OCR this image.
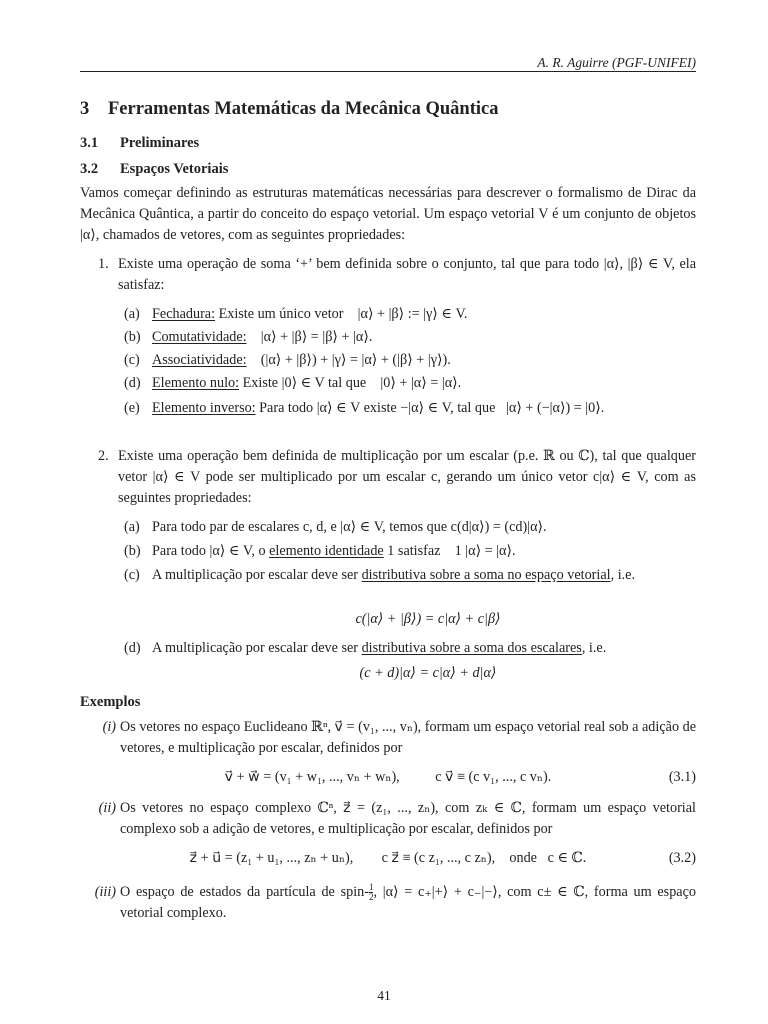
A. R. Aguirre (PGF-UNIFEI)
3 Ferramentas Matemáticas da Mecânica Quântica
3.1 Preliminares
3.2 Espaços Vetoriais
Vamos começar definindo as estruturas matemáticas necessárias para descrever o formalismo de Dirac da Mecânica Quântica, a partir do conceito do espaço vetorial. Um espaço vetorial V é um conjunto de objetos |α⟩, chamados de vetores, com as seguintes propriedades:
1. Existe uma operação de soma ‘+’ bem definida sobre o conjunto, tal que para todo |α⟩, |β⟩ ∈ V, ela satisfaz:
(a) Fechadura: Existe um único vetor    |α⟩ + |β⟩ := |γ⟩ ∈ V.
(b) Comutatividade:    |α⟩ + |β⟩ = |β⟩ + |α⟩.
(c) Associatividade:    (|α⟩ + |β⟩) + |γ⟩ = |α⟩ + (|β⟩ + |γ⟩).
(d) Elemento nulo: Existe |0⟩ ∈ V tal que    |0⟩ + |α⟩ = |α⟩.
(e) Elemento inverso: Para todo |α⟩ ∈ V existe −|α⟩ ∈ V, tal que   |α⟩ + (−|α⟩) = |0⟩.
2. Existe uma operação bem definida de multiplicação por um escalar (p.e. ℝ ou ℂ), tal que qualquer vetor |α⟩ ∈ V pode ser multiplicado por um escalar c, gerando um único vetor c|α⟩ ∈ V, com as seguintes propriedades:
(a) Para todo par de escalares c, d, e |α⟩ ∈ V, temos que c(d|α⟩) = (cd)|α⟩.
(b) Para todo |α⟩ ∈ V, o elemento identidade 1 satisfaz    1 |α⟩ = |α⟩.
(c) A multiplicação por escalar deve ser distributiva sobre a soma no espaço vetorial, i.e.
c(|α⟩ + |β⟩) = c|α⟩ + c|β⟩
(d) A multiplicação por escalar deve ser distributiva sobre a soma dos escalares, i.e.
(c + d)|α⟩ = c|α⟩ + d|α⟩
Exemplos
(i) Os vetores no espaço Euclideano ℝⁿ, v⃗ = (v₁, ..., vₙ), formam um espaço vetorial real sob a adição de vetores, e multiplicação por escalar, definidos por
v⃗ + w⃗ = (v₁ + w₁, ..., vₙ + wₙ),          c v⃗ ≡ (c v₁, ..., c vₙ).	(3.1)
(ii) Os vetores no espaço complexo ℂⁿ, z⃗ = (z₁, ..., zₙ), com zₖ ∈ ℂ, formam um espaço vetorial complexo sob a adição de vetores, e multiplicação por escalar, definidos por
z⃗ + u⃗ = (z₁ + u₁, ..., zₙ + uₙ),        c z⃗ ≡ (c z₁, ..., c zₙ),    onde   c ∈ ℂ.	(3.2)
(iii) O espaço de estados da partícula de spin- $\frac{1}{2}$ , |α⟩ = c₊|+⟩ + c₋|−⟩, com c± ∈ ℂ, forma um espaço vetorial complexo.
41
